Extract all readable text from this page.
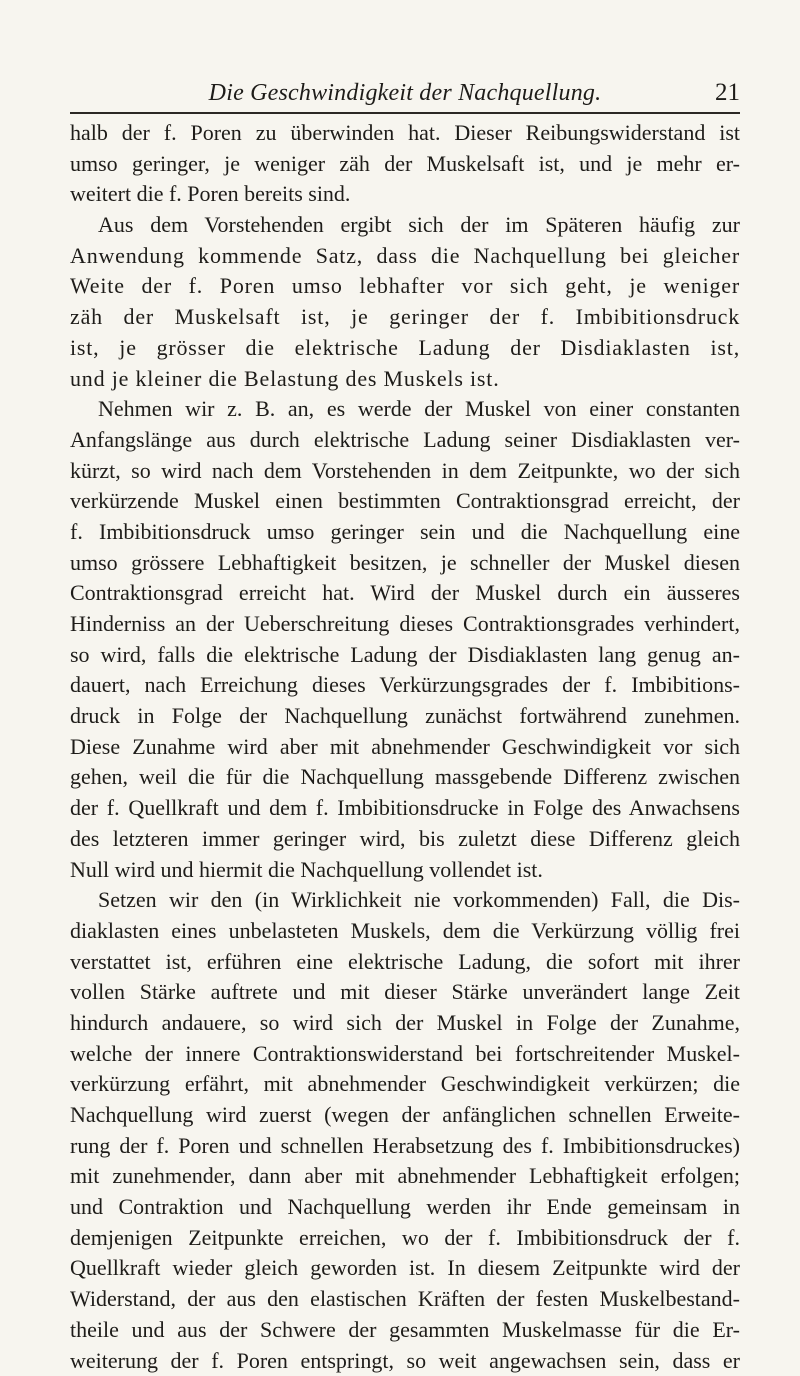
Die Geschwindigkeit der Nachquellung.	21
halb der f. Poren zu überwinden hat. Dieser Reibungswiderstand ist
umso geringer, je weniger zäh der Muskelsaft ist, und je mehr er-
weitert die f. Poren bereits sind.
Aus dem Vorstehenden ergibt sich der im Späteren häufig zur
Anwendung kommende Satz, dass die Nachquellung bei gleicher
Weite der f. Poren umso lebhafter vor sich geht, je weniger
zäh der Muskelsaft ist, je geringer der f. Imbibitionsdruck
ist, je grösser die elektrische Ladung der Disdiaklasten ist,
und je kleiner die Belastung des Muskels ist.
Nehmen wir z. B. an, es werde der Muskel von einer constanten
Anfangslänge aus durch elektrische Ladung seiner Disdiaklasten ver-
kürzt, so wird nach dem Vorstehenden in dem Zeitpunkte, wo der sich
verkürzende Muskel einen bestimmten Contraktionsgrad erreicht, der
f. Imbibitionsdruck umso geringer sein und die Nachquellung eine
umso grössere Lebhaftigkeit besitzen, je schneller der Muskel diesen
Contraktionsgrad erreicht hat. Wird der Muskel durch ein äusseres
Hinderniss an der Ueberschreitung dieses Contraktionsgrades verhindert,
so wird, falls die elektrische Ladung der Disdiaklasten lang genug an-
dauert, nach Erreichung dieses Verkürzungsgrades der f. Imbibitions-
druck in Folge der Nachquellung zunächst fortwährend zunehmen.
Diese Zunahme wird aber mit abnehmender Geschwindigkeit vor sich
gehen, weil die für die Nachquellung massgebende Differenz zwischen
der f. Quellkraft und dem f. Imbibitionsdrucke in Folge des Anwachsens
des letzteren immer geringer wird, bis zuletzt diese Differenz gleich
Null wird und hiermit die Nachquellung vollendet ist.
Setzen wir den (in Wirklichkeit nie vorkommenden) Fall, die Dis-
diaklasten eines unbelasteten Muskels, dem die Verkürzung völlig frei
verstattet ist, erführen eine elektrische Ladung, die sofort mit ihrer
vollen Stärke auftrete und mit dieser Stärke unverändert lange Zeit
hindurch andauere, so wird sich der Muskel in Folge der Zunahme,
welche der innere Contraktionswiderstand bei fortschreitender Muskel-
verkürzung erfährt, mit abnehmender Geschwindigkeit verkürzen; die
Nachquellung wird zuerst (wegen der anfänglichen schnellen Erweite-
rung der f. Poren und schnellen Herabsetzung des f. Imbibitionsdruckes)
mit zunehmender, dann aber mit abnehmender Lebhaftigkeit erfolgen;
und Contraktion und Nachquellung werden ihr Ende gemeinsam in
demjenigen Zeitpunkte erreichen, wo der f. Imbibitionsdruck der f.
Quellkraft wieder gleich geworden ist. In diesem Zeitpunkte wird der
Widerstand, der aus den elastischen Kräften der festen Muskelbestand-
theile und aus der Schwere der gesammten Muskelmasse für die Er-
weiterung der f. Poren entspringt, so weit angewachsen sein, dass er
